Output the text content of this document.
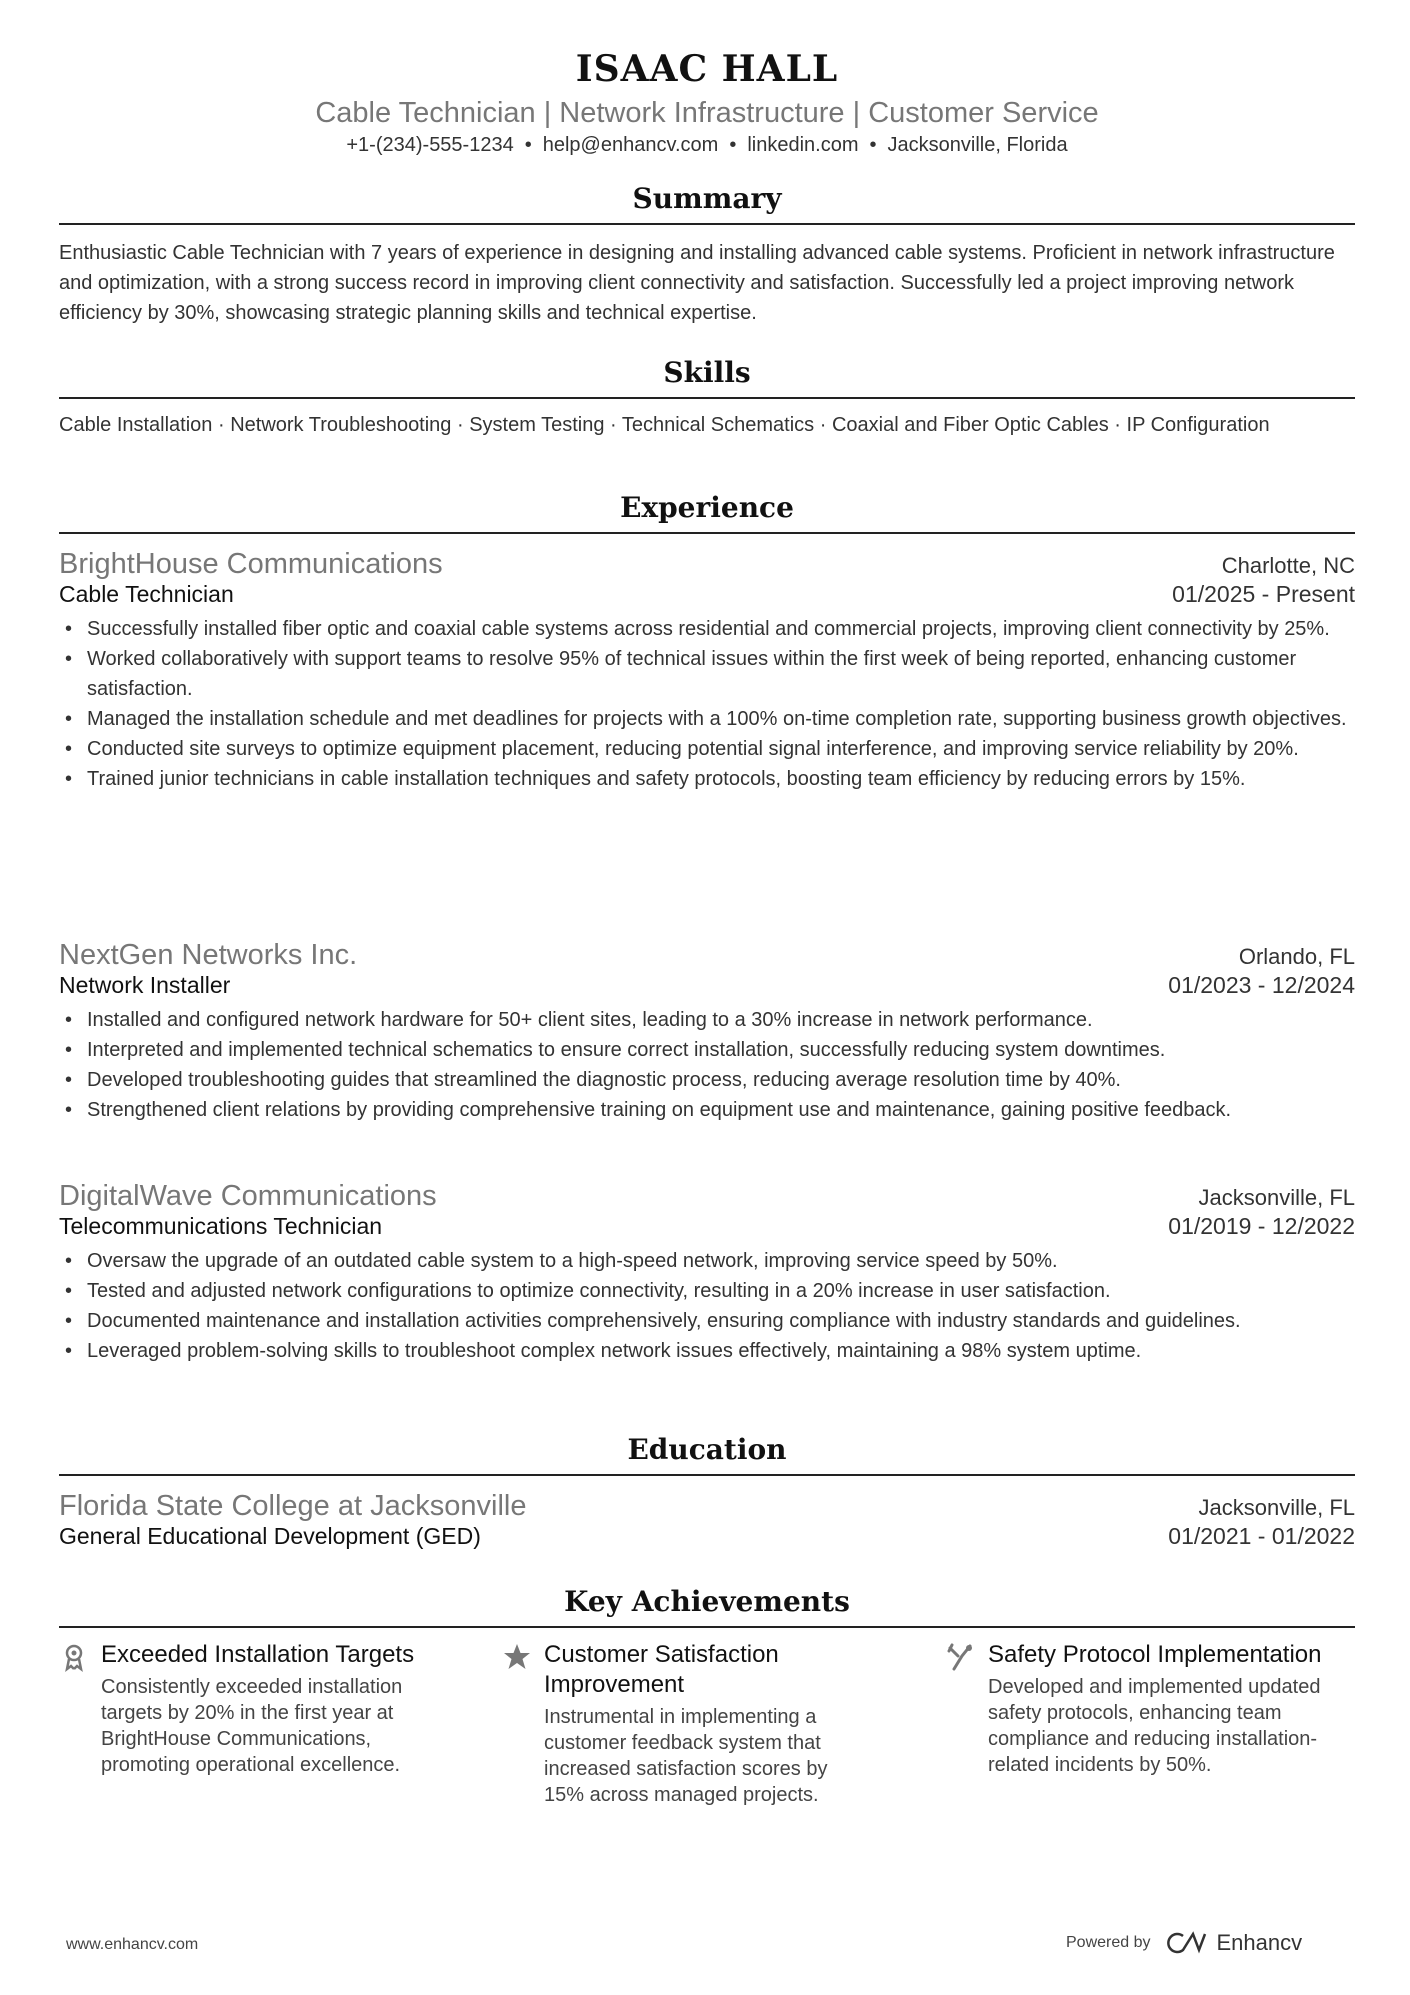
ISAAC HALL
Cable Technician | Network Infrastructure | Customer Service
+1-(234)-555-1234 • help@enhancv.com • linkedin.com • Jacksonville, Florida
Summary
Enthusiastic Cable Technician with 7 years of experience in designing and installing advanced cable systems. Proficient in network infrastructure and optimization, with a strong success record in improving client connectivity and satisfaction. Successfully led a project improving network efficiency by 30%, showcasing strategic planning skills and technical expertise.
Skills
Cable Installation · Network Troubleshooting · System Testing · Technical Schematics · Coaxial and Fiber Optic Cables · IP Configuration
Experience
BrightHouse Communications	Charlotte, NC
Cable Technician	01/2025 - Present
• Successfully installed fiber optic and coaxial cable systems across residential and commercial projects, improving client connectivity by 25%.
• Worked collaboratively with support teams to resolve 95% of technical issues within the first week of being reported, enhancing customer satisfaction.
• Managed the installation schedule and met deadlines for projects with a 100% on-time completion rate, supporting business growth objectives.
• Conducted site surveys to optimize equipment placement, reducing potential signal interference, and improving service reliability by 20%.
• Trained junior technicians in cable installation techniques and safety protocols, boosting team efficiency by reducing errors by 15%.
NextGen Networks Inc.	Orlando, FL
Network Installer	01/2023 - 12/2024
• Installed and configured network hardware for 50+ client sites, leading to a 30% increase in network performance.
• Interpreted and implemented technical schematics to ensure correct installation, successfully reducing system downtimes.
• Developed troubleshooting guides that streamlined the diagnostic process, reducing average resolution time by 40%.
• Strengthened client relations by providing comprehensive training on equipment use and maintenance, gaining positive feedback.
DigitalWave Communications	Jacksonville, FL
Telecommunications Technician	01/2019 - 12/2022
• Oversaw the upgrade of an outdated cable system to a high-speed network, improving service speed by 50%.
• Tested and adjusted network configurations to optimize connectivity, resulting in a 20% increase in user satisfaction.
• Documented maintenance and installation activities comprehensively, ensuring compliance with industry standards and guidelines.
• Leveraged problem-solving skills to troubleshoot complex network issues effectively, maintaining a 98% system uptime.
Education
Florida State College at Jacksonville	Jacksonville, FL
General Educational Development (GED)	01/2021 - 01/2022
Key Achievements
Exceeded Installation Targets
Consistently exceeded installation targets by 20% in the first year at BrightHouse Communications, promoting operational excellence.
Customer Satisfaction Improvement
Instrumental in implementing a customer feedback system that increased satisfaction scores by 15% across managed projects.
Safety Protocol Implementation
Developed and implemented updated safety protocols, enhancing team compliance and reducing installation-related incidents by 50%.
www.enhancv.com	Powered by	Enhancv
